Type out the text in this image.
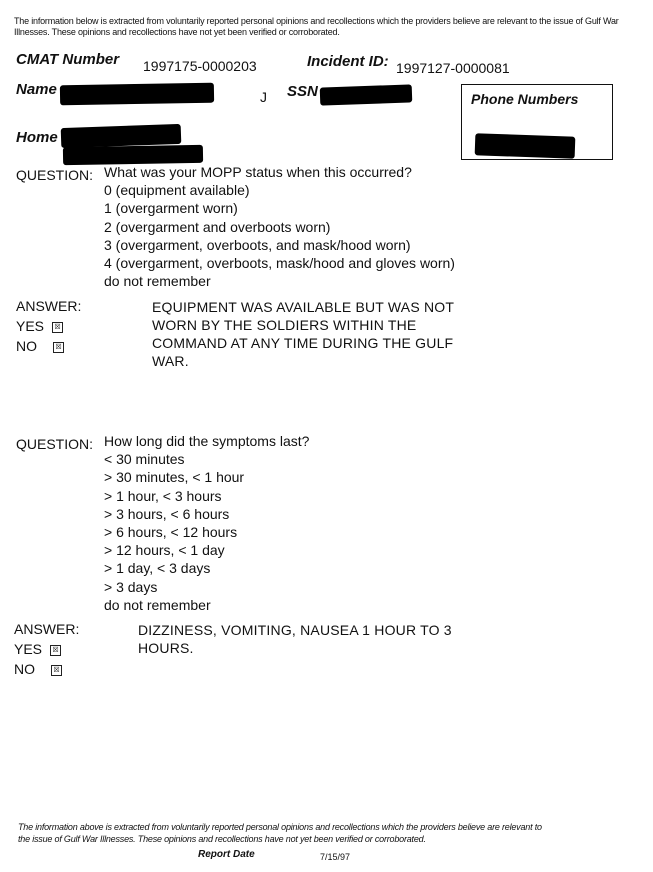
The information below is extracted from voluntarily reported personal opinions and recollections which the providers believe are relevant to the issue of Gulf War Illnesses. These opinions and recollections have not yet been verified or corroborated.
CMAT Number 1997175-0000203	Incident ID: 1997127-0000081
Name	J SSN	Phone Numbers
Home
QUESTION: What was your MOPP status when this occurred?
0 (equipment available)
1 (overgarment worn)
2 (overgarment and overboots worn)
3 (overgarment, overboots, and mask/hood worn)
4 (overgarment, overboots, mask/hood and gloves worn)
do not remember
ANSWER:
YES ☒
NO	☒
EQUIPMENT WAS AVAILABLE BUT WAS NOT
WORN BY THE SOLDIERS WITHIN THE
COMMAND AT ANY TIME DURING THE GULF
WAR.
QUESTION: How long did the symptoms last?
< 30 minutes
> 30 minutes, < 1 hour
> 1 hour, < 3 hours
> 3 hours, < 6 hours
> 6 hours, < 12 hours
> 12 hours, < 1 day
> 1 day, < 3 days
> 3 days
do not remember
ANSWER:
YES ☒
NO	☒
DIZZINESS, VOMITING, NAUSEA 1 HOUR TO 3
HOURS.
The information above is extracted from voluntarily reported personal opinions and recollections which the providers believe are relevant to
the issue of Gulf War Illnesses. These opinions and recollections have not yet been verified or corroborated.
Report Date	7/15/97
